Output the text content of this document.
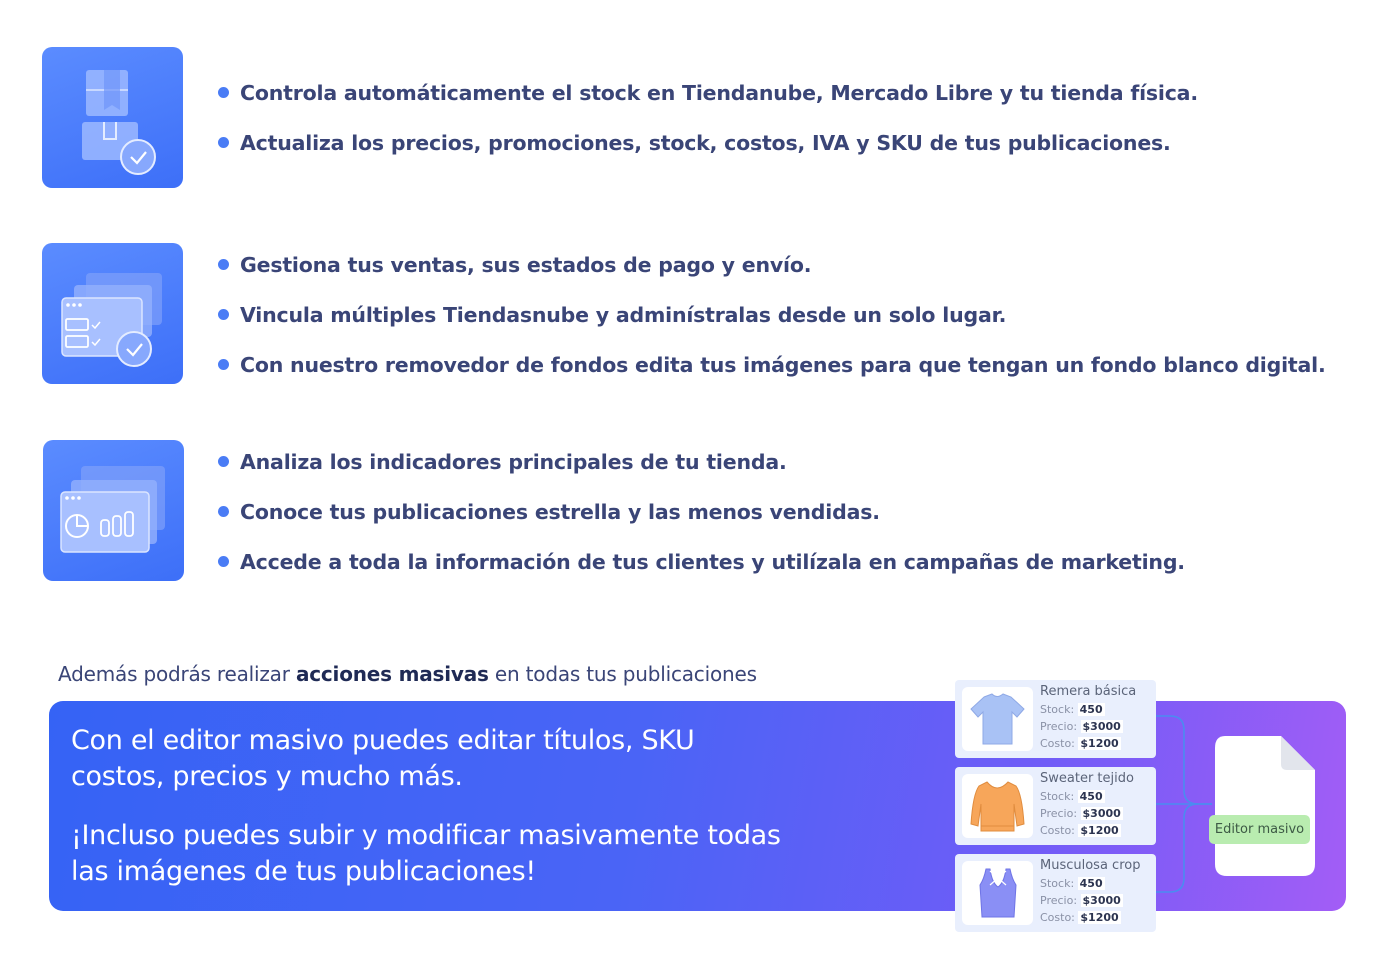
Controla automáticamente el stock en Tiendanube, Mercado Libre y tu tienda física.
Actualiza los precios, promociones, stock, costos, IVA y SKU de tus publicaciones.
Gestiona tus ventas, sus estados de pago y envío.
Vincula múltiples Tiendasnube y adminístralas desde un solo lugar.
Con nuestro removedor de fondos edita tus imágenes para que tengan un fondo blanco digital.
Analiza los indicadores principales de tu tienda.
Conoce tus publicaciones estrella y las menos vendidas.
Accede a toda la información de tus clientes y utilízala en campañas de marketing.
Además podrás realizar acciones masivas en todas tus publicaciones

Con el editor masivo puedes editar títulos, SKU costos, precios y mucho más.

¡Incluso puedes subir y modificar masivamente todas las imágenes de tus publicaciones!

Remera básica
Stock: 450
Precio: $3000
Costo: $1200
Sweater tejido
Stock: 450
Precio: $3000
Costo: $1200
Musculosa crop
Stock: 450
Precio: $3000
Costo: $1200
Editor masivo
